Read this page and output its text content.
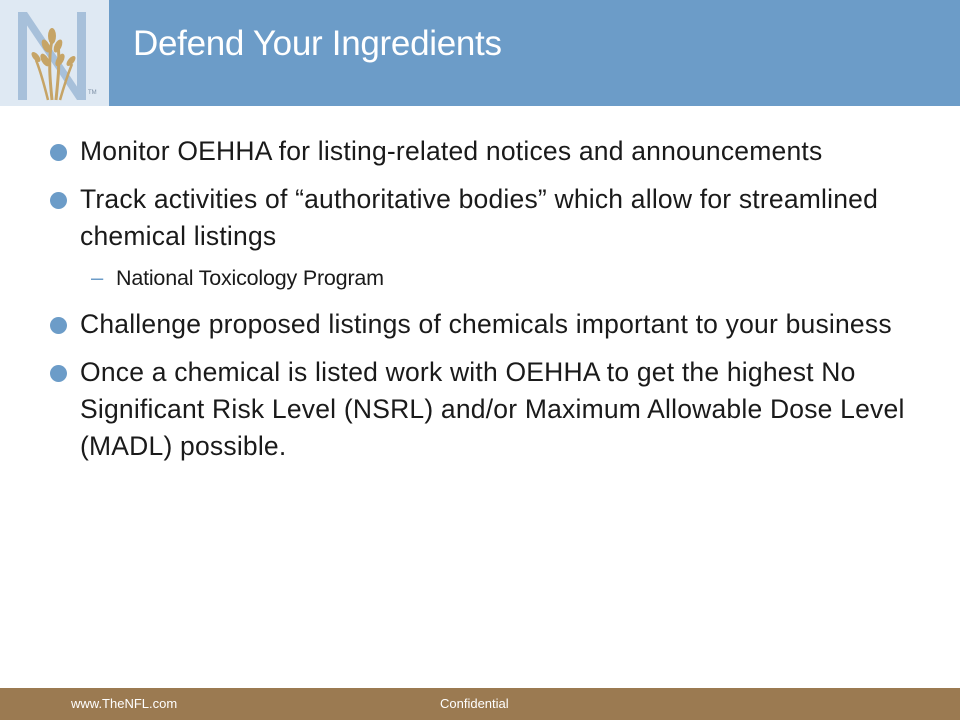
TM
Defend Your Ingredients
Monitor OEHHA for listing-related notices and announcements
Track activities of “authoritative bodies” which allow for streamlined chemical listings
– National Toxicology Program
Challenge proposed listings of chemicals important to your business
Once a chemical is listed work with OEHHA to get the highest No Significant Risk Level (NSRL) and/or Maximum Allowable Dose Level (MADL) possible.
www.TheNFL.com	Confidential
